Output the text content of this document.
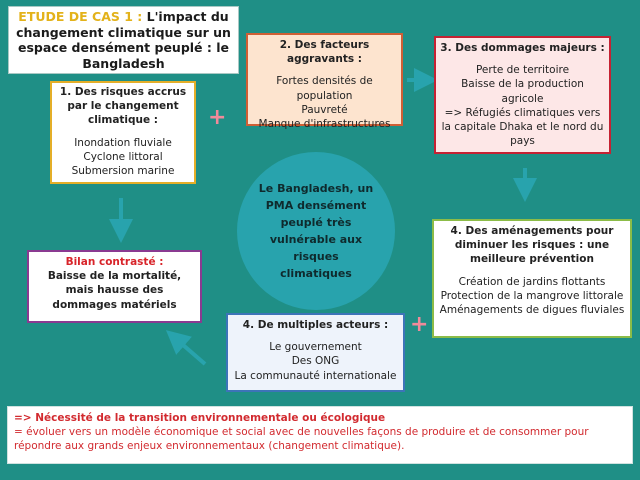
ETUDE DE CAS 1 : L'impact du changement climatique sur un espace densément peuplé : le Bangladesh
1. Des risques accrus par le changement climatique :
Inondation fluviale
Cyclone littoral
Submersion marine
2. Des facteurs aggravants :
Fortes densités de population
Pauvreté
Manque d'infrastructures
3. Des dommages majeurs :
Perte de territoire
Baisse de la production agricole
=> Réfugiés climatiques vers la capitale Dhaka et le nord du pays
4. Des aménagements pour diminuer les risques : une meilleure prévention
Création de jardins flottants
Protection de la mangrove littorale
Aménagements de digues fluviales
4. De multiples acteurs :
Le gouvernement
Des ONG
La communauté internationale
Bilan contrasté :
Baisse de la mortalité, mais hausse des dommages matériels
Le Bangladesh, un PMA densément peuplé très vulnérable aux risques climatiques
+
+
=> Nécessité de la transition environnementale ou écologique
= évoluer vers un modèle économique et social avec de nouvelles façons de produire et de consommer pour répondre aux grands enjeux environnementaux (changement climatique).
